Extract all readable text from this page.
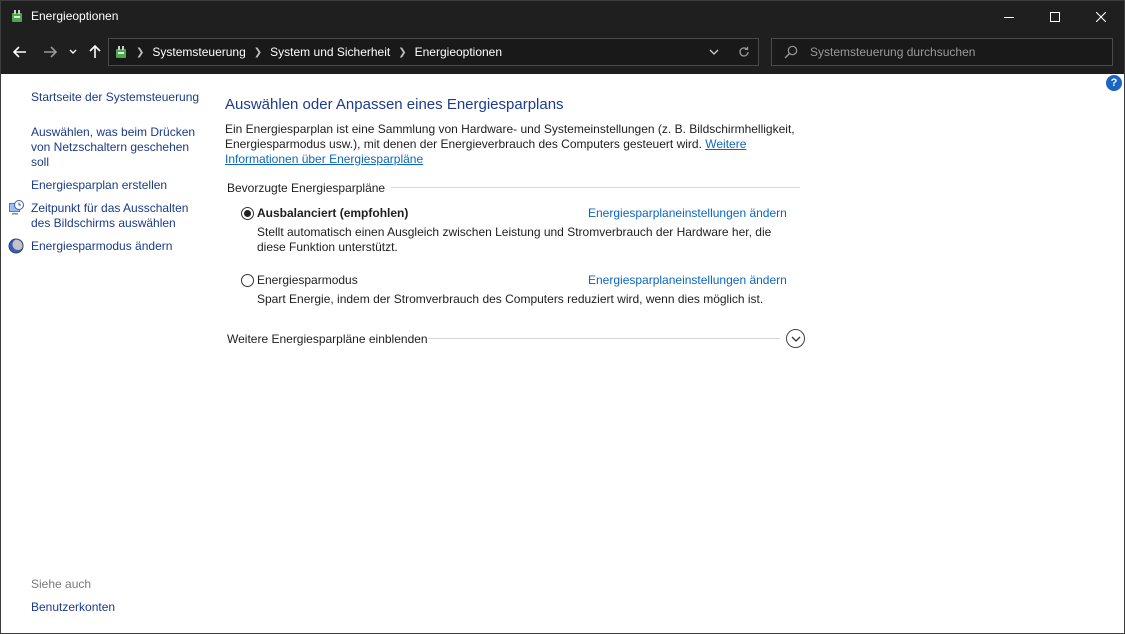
Energieoptionen
❯ Systemsteuerung ❯ System und Sicherheit ❯ Energieoptionen
Systemsteuerung durchsuchen
?
Startseite der Systemsteuerung
Auswählen, was beim Drücken von Netzschaltern geschehen soll
Energiesparplan erstellen
Zeitpunkt für das Ausschalten des Bildschirms auswählen
Energiesparmodus ändern
Siehe auch
Benutzerkonten
Auswählen oder Anpassen eines Energiesparplans
Ein Energiesparplan ist eine Sammlung von Hardware- und Systemeinstellungen (z. B. Bildschirmhelligkeit, Energiesparmodus usw.), mit denen der Energieverbrauch des Computers gesteuert wird. Weitere Informationen über Energiesparpläne
Bevorzugte Energiesparpläne
Ausbalanciert (empfohlen)	Energiesparplaneinstellungen ändern
Stellt automatisch einen Ausgleich zwischen Leistung und Stromverbrauch der Hardware her, die diese Funktion unterstützt.
Energiesparmodus	Energiesparplaneinstellungen ändern
Spart Energie, indem der Stromverbrauch des Computers reduziert wird, wenn dies möglich ist.
Weitere Energiesparpläne einblenden
